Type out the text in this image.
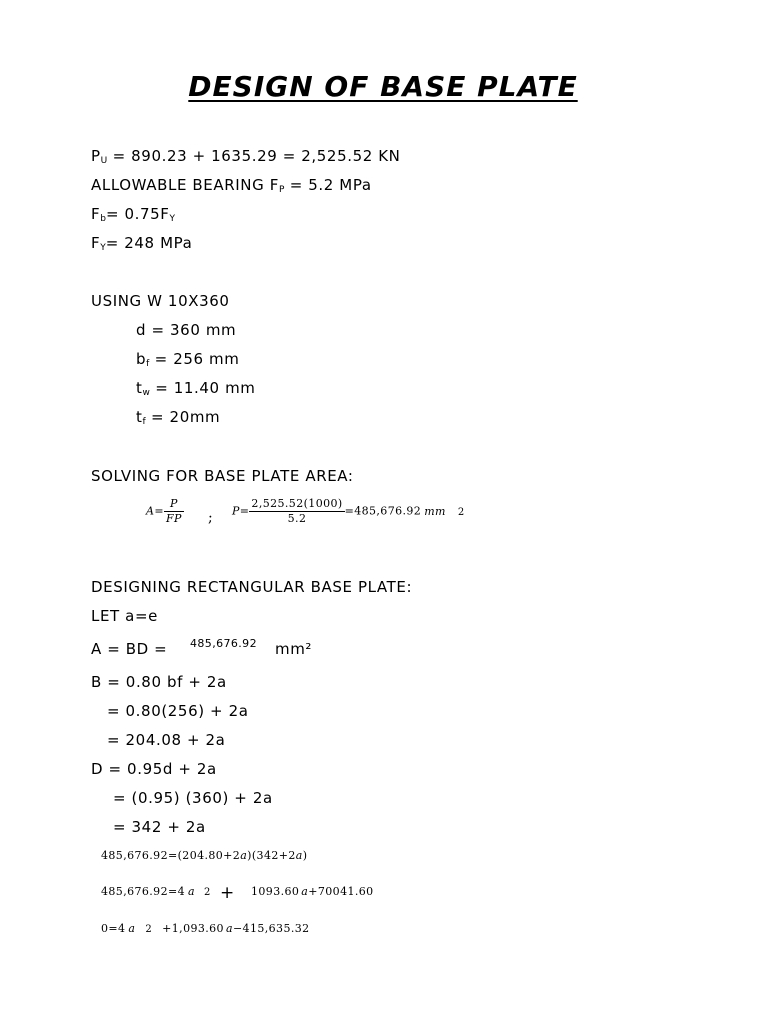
DESIGN OF BASE PLATE
$P_U = 890.23 + 1635.29 = 2,525.52$ KN
ALLOWABLE BEARING $F_P = 5.2$ MPa
$F_b= 0.75F_Y$
$F_Y= 248$ MPa
USING W 10X360
d = 360 mm
$b_f = 256$ mm
$t_w = 11.40$ mm
$t_f = 20mm$
SOLVING FOR BASE PLATE AREA:
$A= \frac{P}{FP}$ ; $P= \frac{2,525.52(1000)}{5.2} =485,676.92$ mm 2
DESIGNING RECTANGULAR BASE PLATE:
LET a=e
A = BD = 485,676.92 mm²
B = 0.80 bf + 2a
= 0.80(256) + 2a
= 204.08 + 2a
D = 0.95d + 2a
= (0.95) (360) + 2a
= 342 + 2a
485,676.92=(204.80+2a)(342+2a)
485,676.92=4 a 2 + 1093.60 a+70041.60
0=4 a 2 +1,093.60 a−415,635.32
